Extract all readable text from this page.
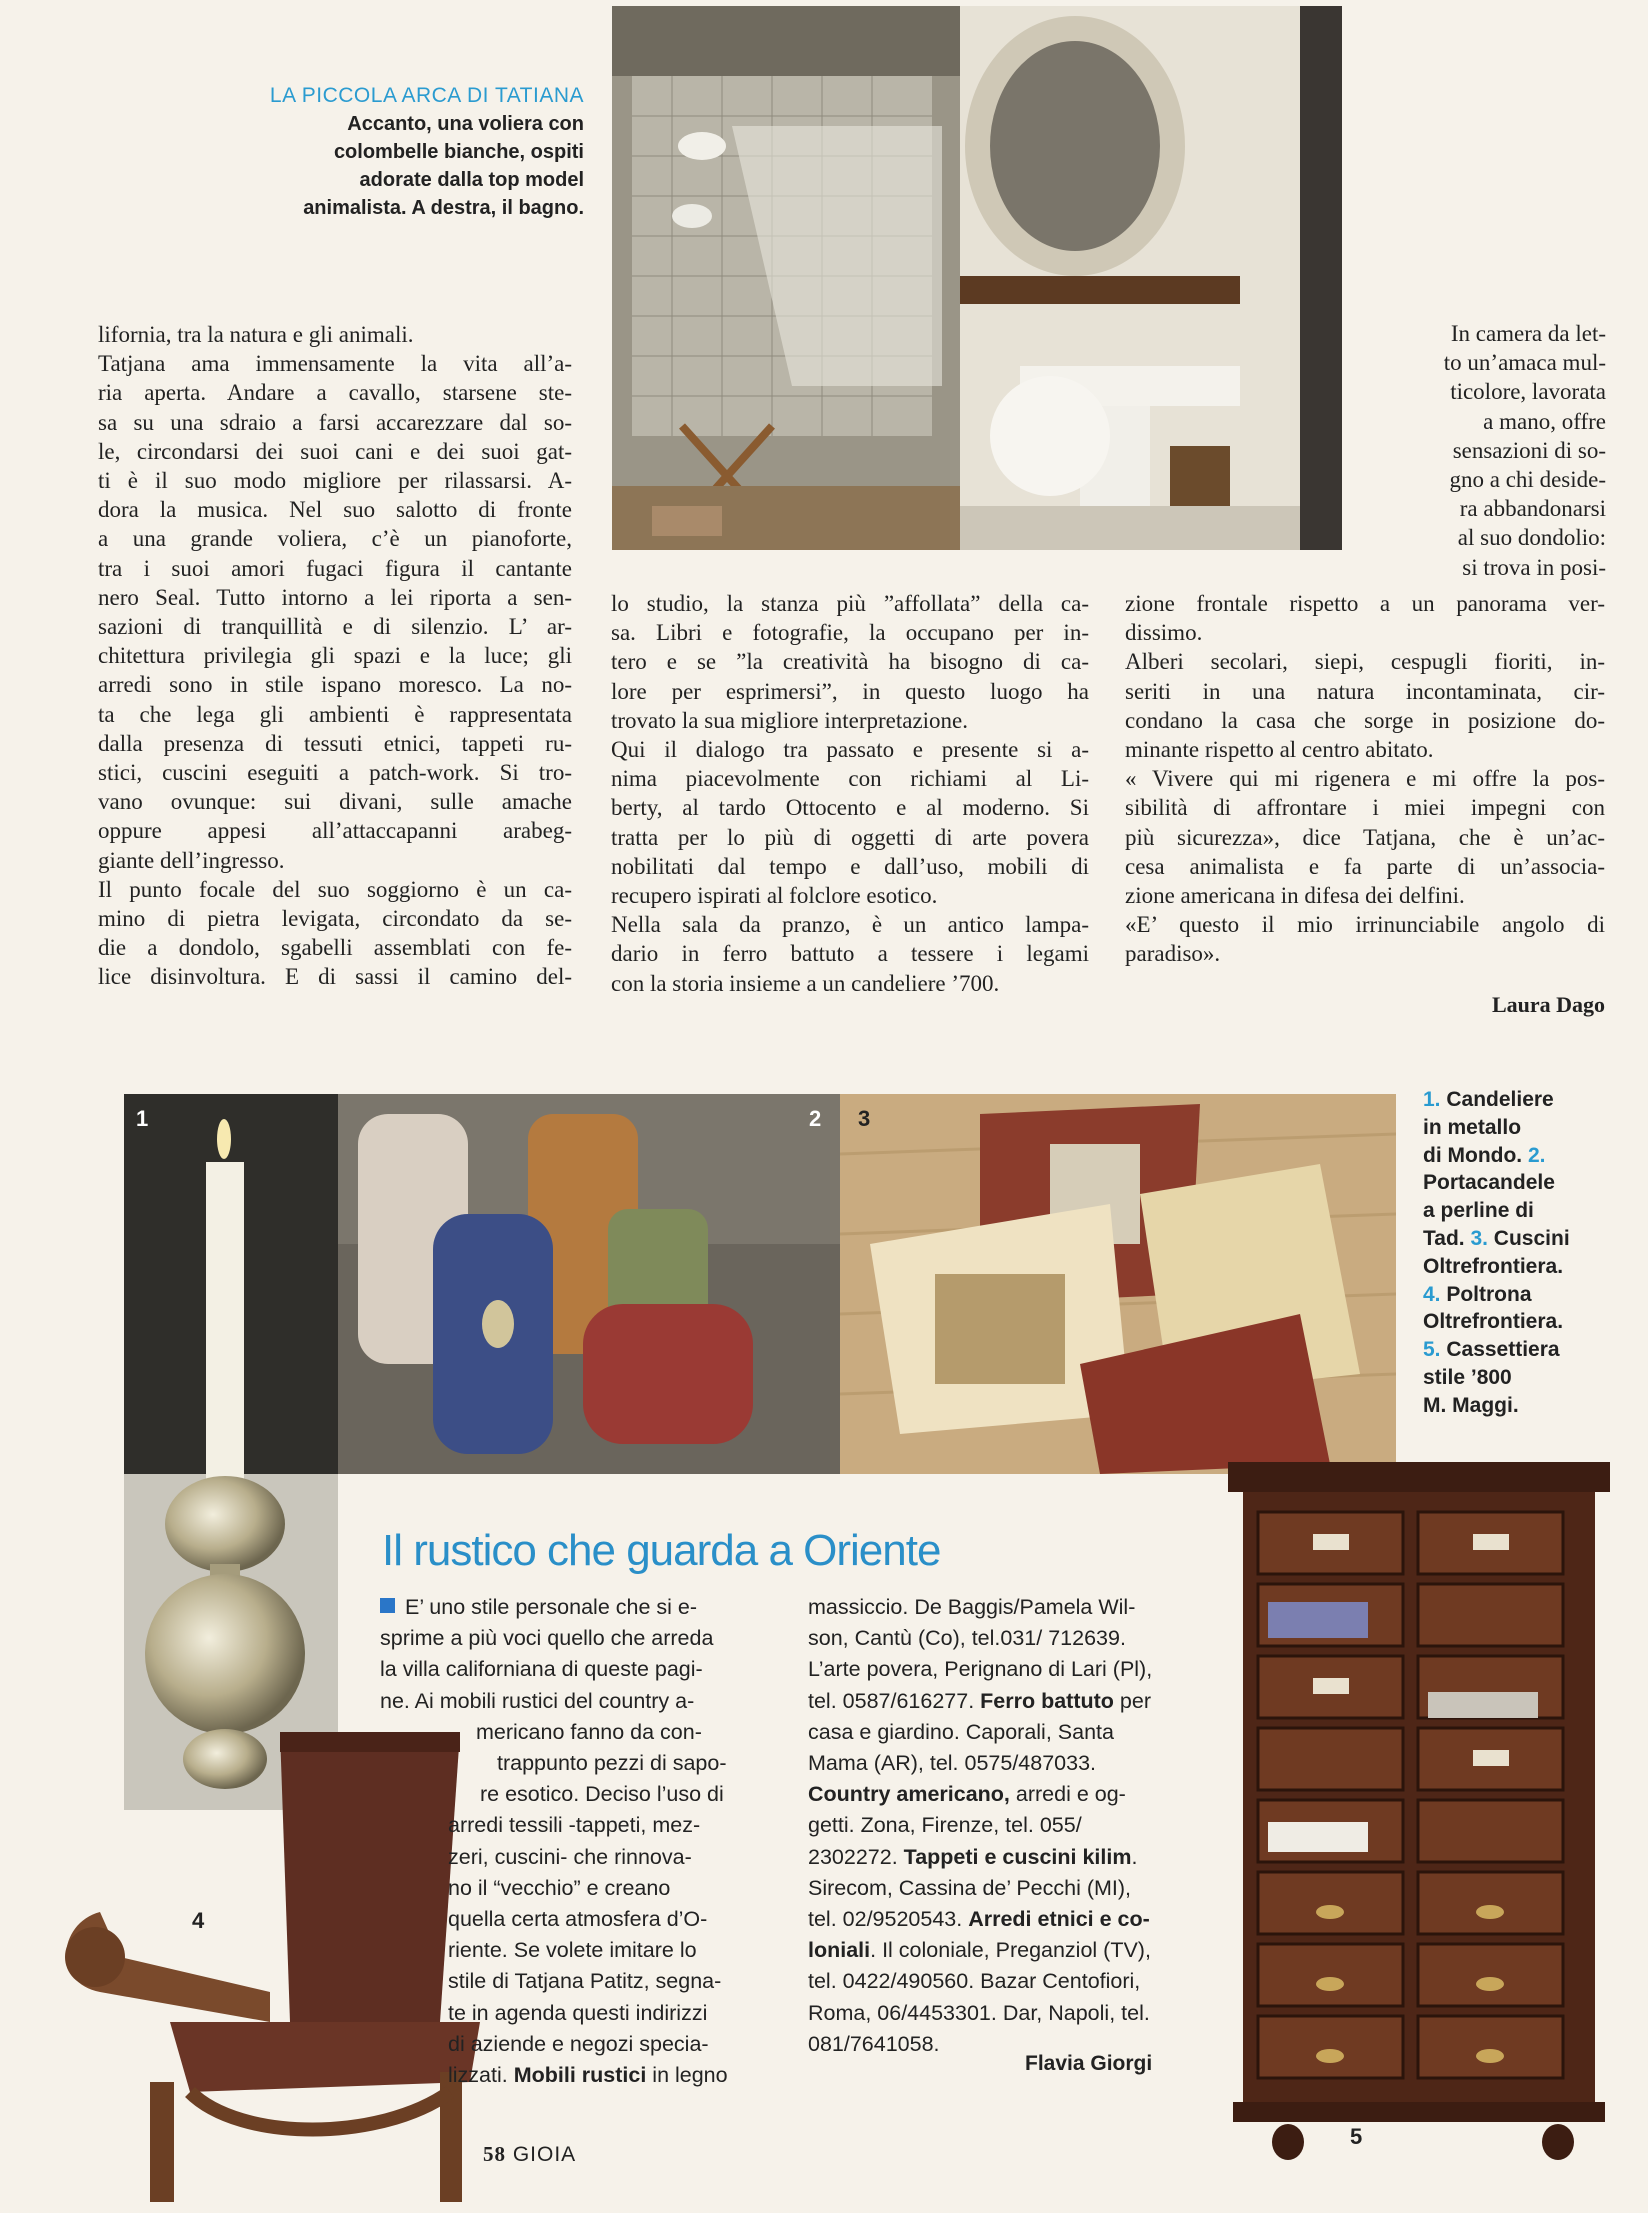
LA PICCOLA ARCA DI TATIANA
Accanto, una voliera con
colombelle bianche, ospiti
adorate dalla top model
animalista. A destra, il bagno.
lifornia, tra la natura e gli animali.
Tatjana ama immensamente la vita all’a-
ria aperta. Andare a cavallo, starsene ste-
sa su una sdraio a farsi accarezzare dal so-
le, circondarsi dei suoi cani e dei suoi gat-
ti è il suo modo migliore per rilassarsi. A-
dora la musica. Nel suo salotto di fronte
a una grande voliera, c’è un pianoforte,
tra i suoi amori fugaci figura il cantante
nero Seal. Tutto intorno a lei riporta a sen-
sazioni di tranquillità e di silenzio. L’ ar-
chitettura privilegia gli spazi e la luce; gli
arredi sono in stile ispano moresco. La no-
ta che lega gli ambienti è rappresentata
dalla presenza di tessuti etnici, tappeti ru-
stici, cuscini eseguiti a patch-work. Si tro-
vano ovunque: sui divani, sulle amache
oppure appesi all’attaccapanni arabeg-
giante dell’ingresso.
Il punto focale del suo soggiorno è un ca-
mino di pietra levigata, circondato da se-
die a dondolo, sgabelli assemblati con fe-
lice disinvoltura. E di sassi il camino del-
lo studio, la stanza più ”affollata” della ca-
sa. Libri e fotografie, la occupano per in-
tero e se ”la creatività ha bisogno di ca-
lore per esprimersi”, in questo luogo ha
trovato la sua migliore interpretazione.
Qui il dialogo tra passato e presente si a-
nima piacevolmente con richiami al Li-
berty, al tardo Ottocento e al moderno. Si
tratta per lo più di oggetti di arte povera
nobilitati dal tempo e dall’uso, mobili di
recupero ispirati al folclore esotico.
Nella sala da pranzo, è un antico lampa-
dario in ferro battuto a tessere i legami
con la storia insieme a un candeliere ’700.
In camera da let-
to un’amaca mul-
ticolore, lavorata
a mano, offre
sensazioni di so-
gno a chi deside-
ra abbandonarsi
al suo dondolio:
si trova in posi-
zione frontale rispetto a un panorama ver-
dissimo.
Alberi secolari, siepi, cespugli fioriti, in-
seriti in una natura incontaminata, cir-
condano la casa che sorge in posizione do-
minante rispetto al centro abitato.
« Vivere qui mi rigenera e mi offre la pos-
sibilità di affrontare i miei impegni con
più sicurezza», dice Tatjana, che è un’ac-
cesa animalista e fa parte di un’associa-
zione americana in difesa dei delfini.
«E’ questo il mio irrinunciabile angolo di
paradiso».
Laura Dago
1	2 3
4
5
1. Candeliere
in metallo
di Mondo. 2.
Portacandele
a perline di
Tad. 3. Cuscini
Oltrefrontiera.
4. Poltrona
Oltrefrontiera.
5. Cassettiera
stile ’800
M. Maggi.
Il rustico che guarda a Oriente
E’ uno stile personale che si e-
sprime a più voci quello che arreda
la villa californiana di queste pagi-
ne. Ai mobili rustici del country a-
mericano fanno da con-
trappunto pezzi di sapo-
re esotico. Deciso l’uso di
arredi tessili -tappeti, mez-
zeri, cuscini- che rinnova-
no il “vecchio” e creano
quella certa atmosfera d’O-
riente. Se volete imitare lo
stile di Tatjana Patitz, segna-
te in agenda questi indirizzi
di aziende e negozi specia-
lizzati. Mobili rustici in legno
massiccio. De Baggis/Pamela Wil-
son, Cantù (Co), tel.031/ 712639.
L’arte povera, Perignano di Lari (Pl),
tel. 0587/616277. Ferro battuto per
casa e giardino. Caporali, Santa
Mama (AR), tel. 0575/487033.
Country americano, arredi e og-
getti. Zona, Firenze, tel. 055/
2302272. Tappeti e cuscini kilim.
Sirecom, Cassina de’ Pecchi (MI),
tel. 02/9520543. Arredi etnici e co-
loniali. Il coloniale, Preganziol (TV),
tel. 0422/490560. Bazar Centofiori,
Roma, 06/4453301. Dar, Napoli, tel.
081/7641058.
Flavia Giorgi
58 GIOIA
